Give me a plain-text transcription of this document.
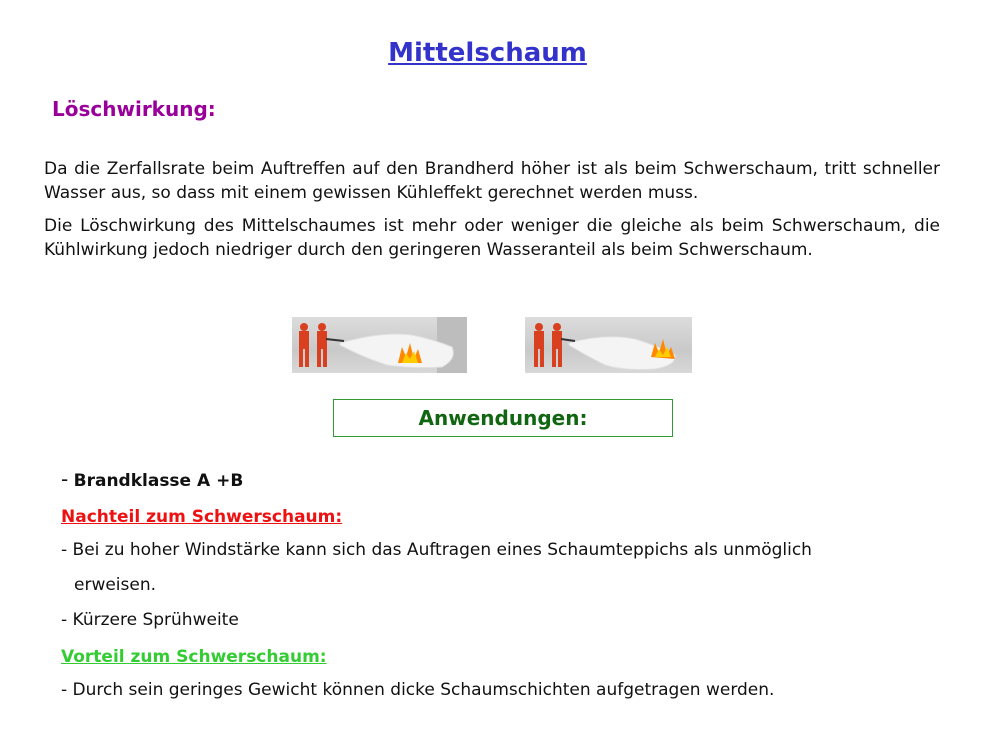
Mittelschaum
Löschwirkung:
Da die Zerfallsrate beim Auftreffen auf den Brandherd höher ist als beim Schwerschaum, tritt schneller Wasser aus, so dass mit einem gewissen Kühleffekt gerechnet werden muss.
Die Löschwirkung des Mittelschaumes ist mehr oder weniger die gleiche als beim Schwerschaum, die Kühlwirkung jedoch niedriger durch den geringeren Wasseranteil als beim Schwerschaum.
Anwendungen:
- Brandklasse A +B
Nachteil zum Schwerschaum:
- Bei zu hoher Windstärke kann sich das Auftragen eines Schaumteppichs als unmöglich
erweisen.
- Kürzere Sprühweite
Vorteil zum Schwerschaum:
- Durch sein geringes Gewicht können dicke Schaumschichten aufgetragen werden.
